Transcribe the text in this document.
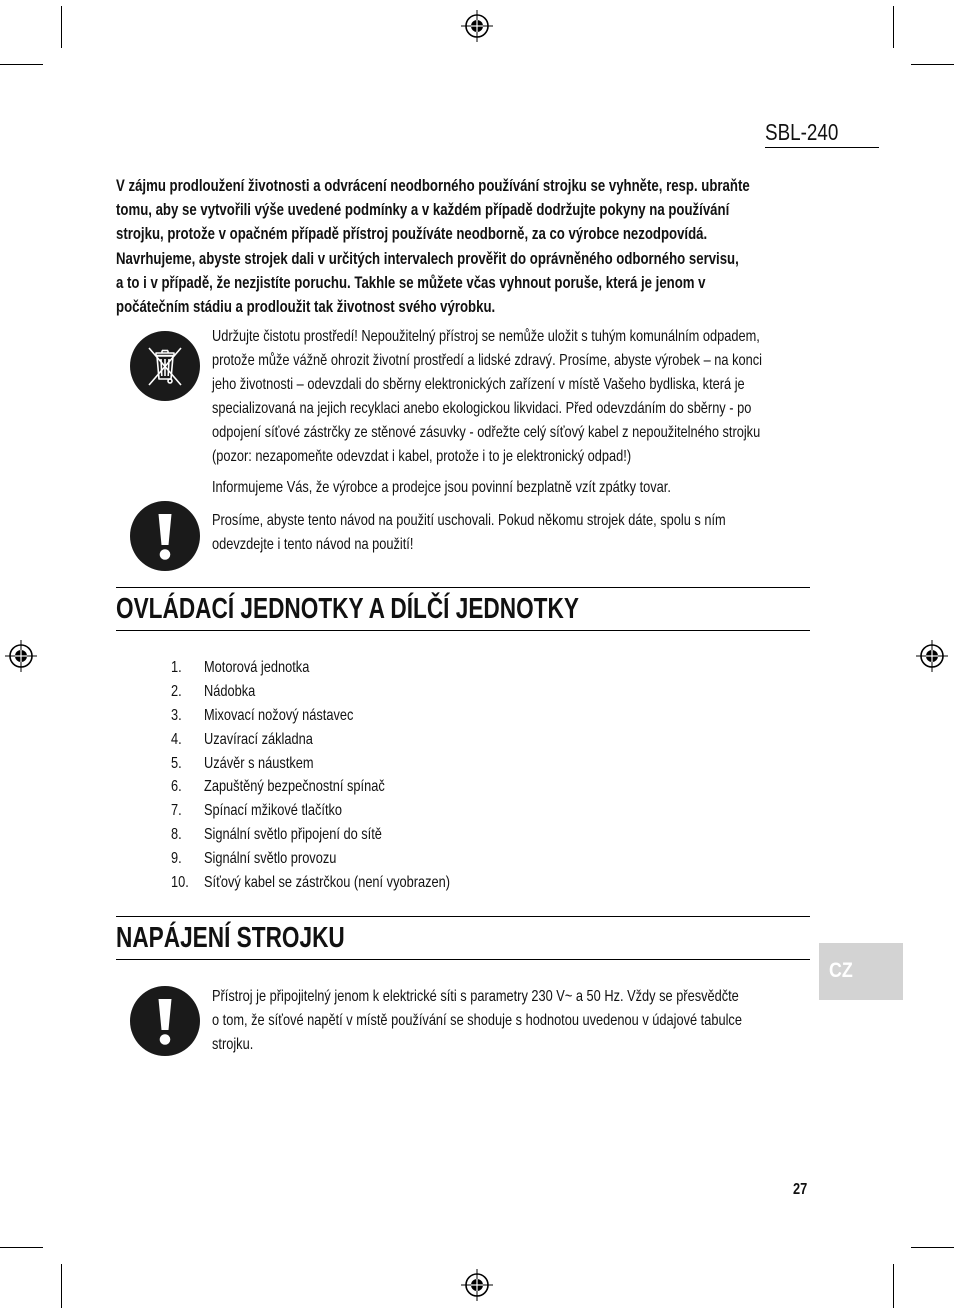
SBL-240
V zájmu prodloužení životnosti a odvrácení neodborného používání strojku se vyhněte, resp. ubraňte
tomu, aby se vytvořili výše uvedené podmínky a v každém případě dodržujte pokyny na používání
strojku, protože v opačném případě přístroj používáte neodborně, za co výrobce nezodpovídá.
Navrhujeme, abyste strojek dali v určitých intervalech prověřit do oprávněného odborného servisu,
a to i v případě, že nezjistíte poruchu. Takhle se můžete včas vyhnout poruše, která je jenom v
počátečním stádiu a prodloužit tak životnost svého výrobku.
Udržujte čistotu prostředí! Nepoužitelný přístroj se nemůže uložit s tuhým komunálním odpadem,
protože může vážně ohrozit životní prostředí a lidské zdravý. Prosíme, abyste výrobek – na konci
jeho životnosti – odevzdali do sběrny elektronických zařízení v místě Vašeho bydliska, která je
specializovaná na jejich recyklaci anebo ekologickou likvidaci. Před odevzdáním do sběrny - po
odpojení síťové zástrčky ze stěnové zásuvky - odřežte celý síťový kabel z nepoužitelného strojku
(pozor: nezapomeňte odevzdat i kabel, protože i to je elektronický odpad!)
Informujeme Vás, že výrobce a prodejce jsou povinní bezplatně vzít zpátky tovar.
Prosíme, abyste tento návod na použití uschovali. Pokud někomu strojek dáte, spolu s ním
odevzdejte i tento návod na použití!
OVLÁDACÍ JEDNOTKY A DÍLČÍ JEDNOTKY
1. Motorová jednotka
2. Nádobka
3. Mixovací nožový nástavec
4. Uzavírací základna
5. Uzávěr s náustkem
6. Zapuštěný bezpečnostní spínač
7. Spínací mžikové tlačítko
8. Signální světlo připojení do sítě
9. Signální světlo provozu
10. Síťový kabel se zástrčkou (není vyobrazen)
NAPÁJENÍ STROJKU
Přístroj je připojitelný jenom k elektrické síti s parametry 230 V~ a 50 Hz. Vždy se přesvědčte
o tom, že síťové napětí v místě používání se shoduje s hodnotou uvedenou v údajové tabulce
strojku.
CZ
27
